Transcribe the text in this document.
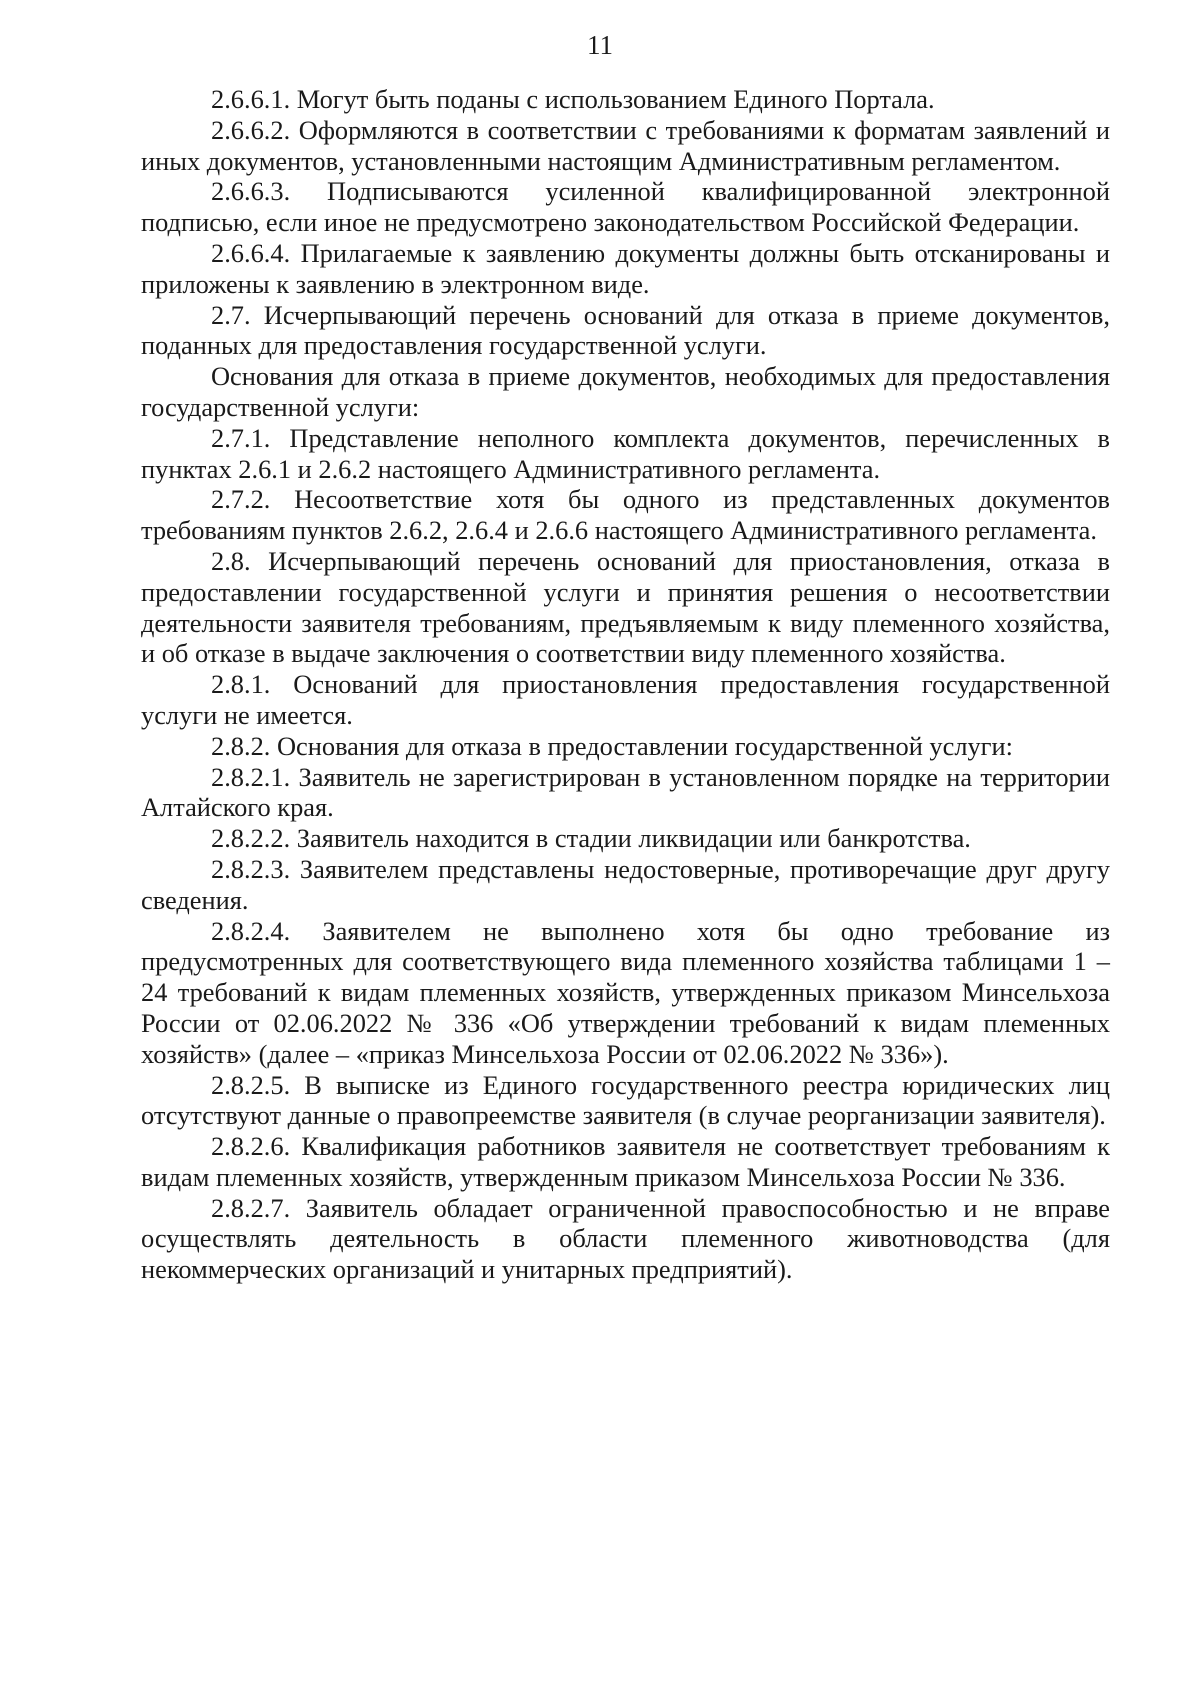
11

2.6.6.1. Могут быть поданы с использованием Единого Портала.

2.6.6.2. Оформляются в соответствии с требованиями к форматам заявлений и иных документов, установленными настоящим Административным регламентом.

2.6.6.3. Подписываются усиленной квалифицированной электронной подписью, если иное не предусмотрено законодательством Российской Федерации.

2.6.6.4. Прилагаемые к заявлению документы должны быть отсканированы и приложены к заявлению в электронном виде.

2.7. Исчерпывающий перечень оснований для отказа в приеме документов, поданных для предоставления государственной услуги.

Основания для отказа в приеме документов, необходимых для предоставления государственной услуги:

2.7.1. Представление неполного комплекта документов, перечисленных в пунктах 2.6.1 и 2.6.2 настоящего Административного регламента.

2.7.2. Несоответствие хотя бы одного из представленных документов требованиям пунктов 2.6.2, 2.6.4 и 2.6.6 настоящего Административного регламента.

2.8. Исчерпывающий перечень оснований для приостановления, отказа в предоставлении государственной услуги и принятия решения о несоответствии деятельности заявителя требованиям, предъявляемым к виду племенного хозяйства, и об отказе в выдаче заключения о соответствии виду племенного хозяйства.

2.8.1. Оснований для приостановления предоставления государственной услуги не имеется.

2.8.2. Основания для отказа в предоставлении государственной услуги:

2.8.2.1. Заявитель не зарегистрирован в установленном порядке на территории Алтайского края.

2.8.2.2. Заявитель находится в стадии ликвидации или банкротства.

2.8.2.3. Заявителем представлены недостоверные, противоречащие друг другу сведения.

2.8.2.4. Заявителем не выполнено хотя бы одно требование из предусмотренных для соответствующего вида племенного хозяйства таблицами 1 – 24 требований к видам племенных хозяйств, утвержденных приказом Минсельхоза России от 02.06.2022 № 336 «Об утверждении требований к видам племенных хозяйств» (далее – «приказ Минсельхоза России от 02.06.2022 № 336»).

2.8.2.5. В выписке из Единого государственного реестра юридических лиц отсутствуют данные о правопреемстве заявителя (в случае реорганизации заявителя).

2.8.2.6. Квалификация работников заявителя не соответствует требованиям к видам племенных хозяйств, утвержденным приказом Минсельхоза России № 336.

2.8.2.7. Заявитель обладает ограниченной правоспособностью и не вправе осуществлять деятельность в области племенного животноводства (для некоммерческих организаций и унитарных предприятий).
